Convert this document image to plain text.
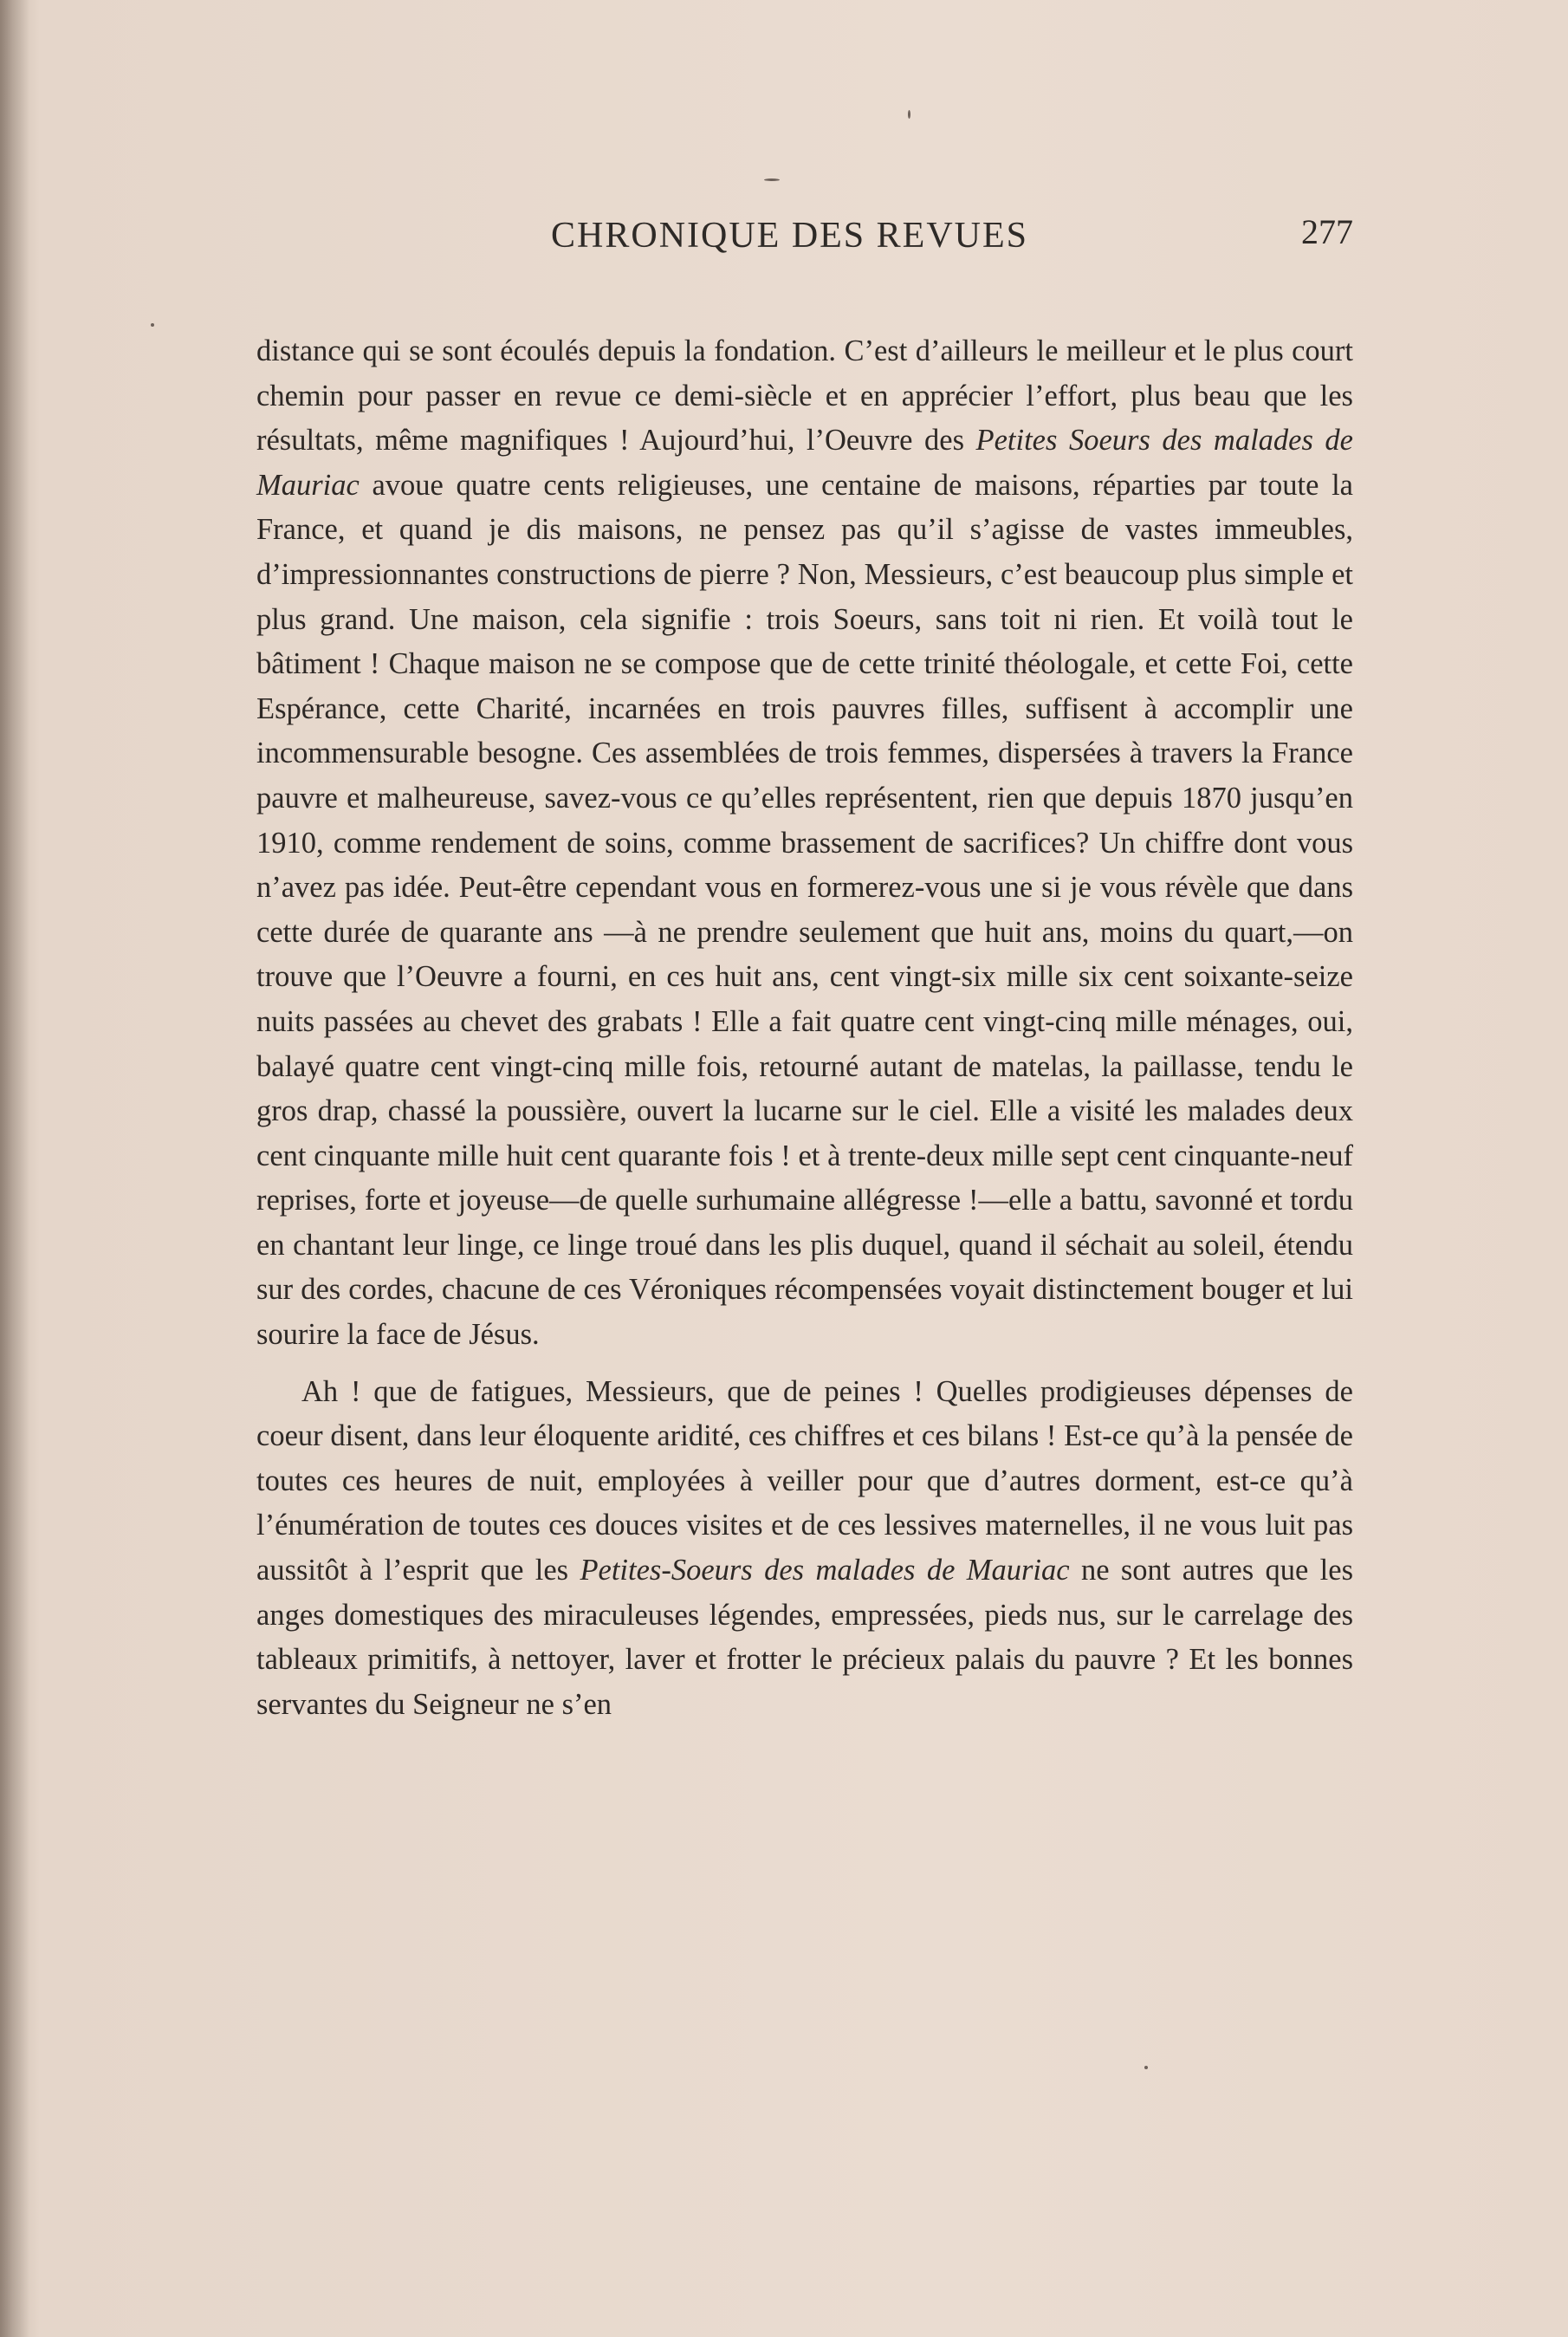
CHRONIQUE DES REVUES	277

distance qui se sont écoulés depuis la fondation. C’est d’ailleurs le meilleur et le plus court chemin pour passer en revue ce demi-siècle et en apprécier l’effort, plus beau que les résultats, même magnifiques ! Aujourd’hui, l’Oeuvre des Petites Soeurs des malades de Mauriac avoue quatre cents religieuses, une centaine de maisons, réparties par toute la France, et quand je dis maisons, ne pensez pas qu’il s’agisse de vastes immeubles, d’impressionnantes constructions de pierre ? Non, Messieurs, c’est beaucoup plus simple et plus grand. Une maison, cela signifie : trois Soeurs, sans toit ni rien. Et voilà tout le bâtiment ! Chaque maison ne se compose que de cette trinité théologale, et cette Foi, cette Espérance, cette Charité, incarnées en trois pauvres filles, suffisent à accomplir une incommensurable besogne. Ces assemblées de trois femmes, dispersées à travers la France pauvre et malheureuse, savez-vous ce qu’elles représentent, rien que depuis 1870 jusqu’en 1910, comme rendement de soins, comme brassement de sacrifices? Un chiffre dont vous n’avez pas idée. Peut-être cependant vous en formerez-vous une si je vous révèle que dans cette durée de quarante ans —à ne prendre seulement que huit ans, moins du quart,—on trouve que l’Oeuvre a fourni, en ces huit ans, cent vingt-six mille six cent soixante-seize nuits passées au chevet des grabats ! Elle a fait quatre cent vingt-cinq mille ménages, oui, balayé quatre cent vingt-cinq mille fois, retourné autant de matelas, la paillasse, tendu le gros drap, chassé la poussière, ouvert la lucarne sur le ciel. Elle a visité les malades deux cent cinquante mille huit cent quarante fois ! et à trente-deux mille sept cent cinquante-neuf reprises, forte et joyeuse—de quelle surhumaine allégresse !—elle a battu, savonné et tordu en chantant leur linge, ce linge troué dans les plis duquel, quand il séchait au soleil, étendu sur des cordes, chacune de ces Véroniques récompensées voyait distinctement bouger et lui sourire la face de Jésus.

Ah ! que de fatigues, Messieurs, que de peines ! Quelles prodigieuses dépenses de coeur disent, dans leur éloquente aridité, ces chiffres et ces bilans ! Est-ce qu’à la pensée de toutes ces heures de nuit, employées à veiller pour que d’autres dorment, est-ce qu’à l’énumération de toutes ces douces visites et de ces lessives maternelles, il ne vous luit pas aussitôt à l’esprit que les Petites-Soeurs des malades de Mauriac ne sont autres que les anges domestiques des miraculeuses légendes, empressées, pieds nus, sur le carrelage des tableaux primitifs, à nettoyer, laver et frotter le précieux palais du pauvre ? Et les bonnes servantes du Seigneur ne s’en
